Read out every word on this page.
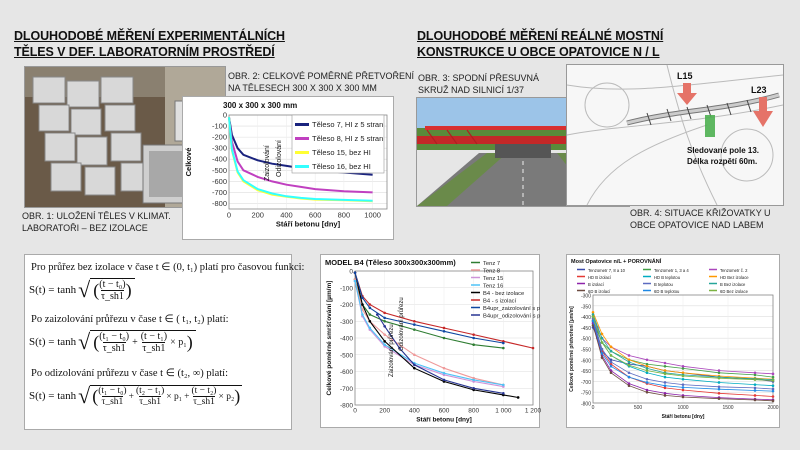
DLOUHODOBÉ MĚŘENÍ EXPERIMENTÁLNÍCH
TĚLES V DEF. LABORATORNÍM PROSTŘEDÍ
DLOUHODOBÉ MĚŘENÍ REÁLNÉ MOSTNÍ
KONSTRUKCE U OBCE OPATOVICE N / L
OBR. 2: CELKOVÉ POMĚRNÉ PŘETVOŘENÍ
NA TĚLESECH 300 X 300 X 300 MM
300 x 300 x 300 mm
0
-100
-200
-300
-400
-500
-600
-700
-800
0	200 400 600 800 1000
Stáří betonu [dny]
Celkové	Zaizolování Odizolování
Těleso 7, HI z 5 stran
Těleso 8, HI z 5 stran
Těleso 15, bez HI
Těleso 16, bez HI
OBR. 1: ULOŽENÍ TĚLES V KLIMAT.
LABORATOŘI – BEZ IZOLACE
OBR. 3: SPODNÍ PŘESUVNÁ
SKRUŽ NAD SILNICÍ 1/37
L15
L23
Sledované pole 13.
Délka rozpětí 60m.
OBR. 4: SITUACE KŘIŽOVATKY U
OBCE OPATOVICE NAD LABEM
Pro průřez bez izolace v čase t ∈ (0, t₁) platí pro časovou funkci:
S(t) = tanh √ ( $\frac{\text{(t − t₀)}}{\tau\_sh1}$ )
Po zaizolování průřezu v čase t ∈ ( t₁, t₂) platí:
S(t) = tanh √ ( $\frac{\text{(t₁ − t₀)}}{\tau\_sh1} + \frac{\text{(t − t₁)}}{\tau\_sh1} \times p_1$ )
Po odizolování průřezu v čase t ∈ (t₂, ∞) platí:
S(t) = tanh √ ( $\frac{\text{(t₁ − t₀)}}{\tau\_sh1} + \frac{\text{(t₂ − t₁)}}{\tau\_sh1} \times p_1 + \frac{\text{(t − t₂)}}{\tau\_sh1} \times p_2$ )
MODEL B4 (Těleso 300x300x300mm)
0
-100
-200
-300
-400
-500
-600
-700
-800
0	200	400	600	800 1 000 1 200
Stáří betonu [dny]
Celkové poměrné smršťování [µm/m]	Zaizolování průřezu Odizolování průřezu
Tenz 7
Tenz 8
Tenz 15
Tenz 16
B4 - bez izolace
B4 - s izolací
B4upr_zaizolování s p
B4upr_odizolování s p
Most Opatovice n/L + POROVNÁNÍ
-300
-350
-400
-450
-500
-550
-600
-650
-700
-750
-800
0	500	1000	1500	2000
Stáří betonu [dny]
Celkové poměrné přetvoření [µm/m]
Tenzometr 7, 8 a 10	Tenzometr 1, 3 a 4	Tenzometr č. 2
HD B izolací	HD B teplotou	HD Bez izolace
B izolací	B teplotou	B Bez izolace
6D B izolací	6D B teplotou	6D Bez izolace
